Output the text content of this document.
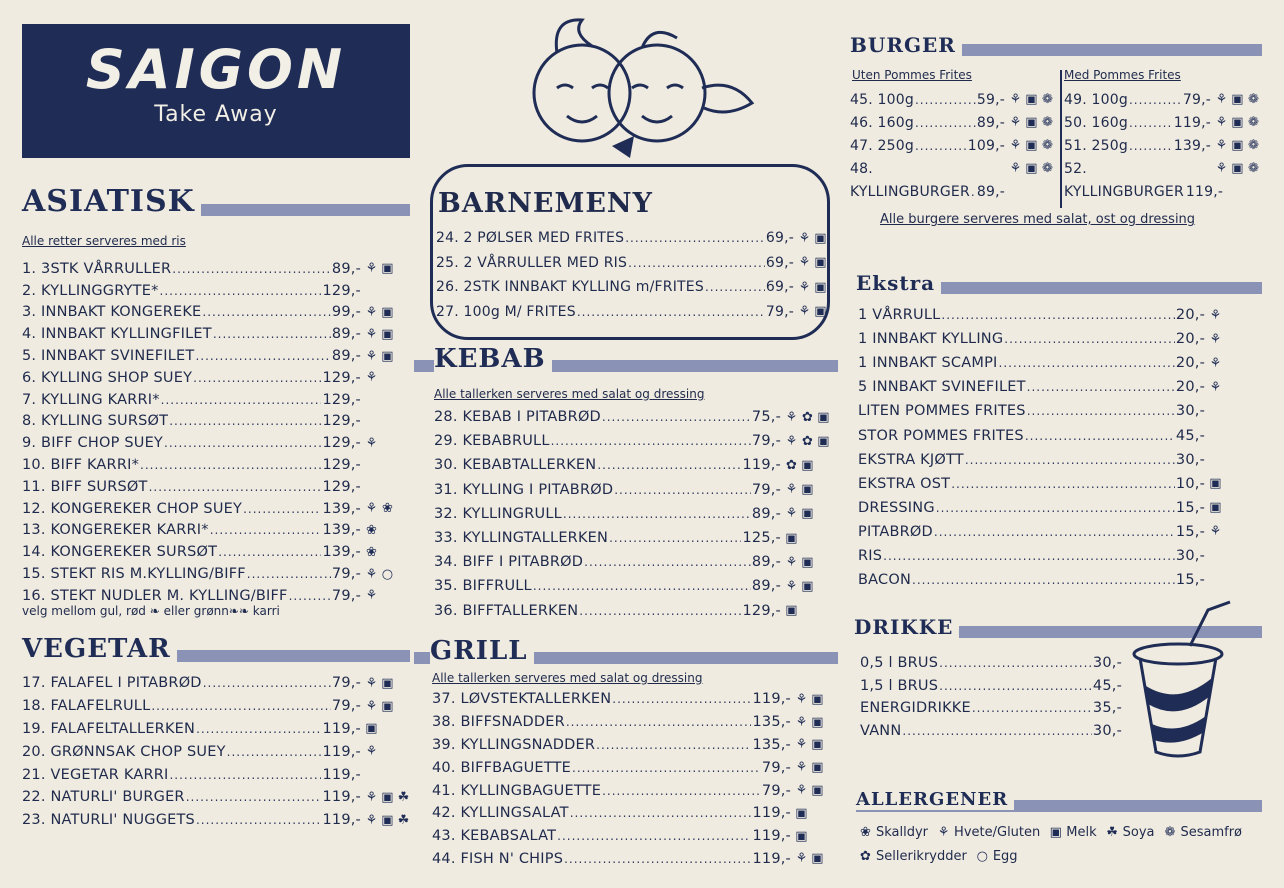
SAIGON
Take Away
ASIATISK
Alle retter serveres med ris
1. 3STK VÅRRULLER .....	89,- ⚘ ▣
2. KYLLINGGRYTE* .....	129,-
3. INNBAKT KONGEREKE .....	99,- ⚘ ▣
4. INNBAKT KYLLINGFILET .....	89,- ⚘ ▣
5. INNBAKT SVINEFILET .....	89,- ⚘ ▣
6. KYLLING SHOP SUEY .....	129,- ⚘
7. KYLLING KARRI* .....	129,-
8. KYLLING SURSØT .....	129,-
9. BIFF CHOP SUEY .....	129,- ⚘
10. BIFF KARRI* .....	129,-
11. BIFF SURSØT .....	129,-
12. KONGEREKER CHOP SUEY .....	139,- ⚘ ❀
13. KONGEREKER KARRI* .....	139,- ❀
14. KONGEREKER SURSØT .....	139,- ❀
15. STEKT RIS M.KYLLING/BIFF .....	79,- ⚘ ○
16. STEKT NUDLER M. KYLLING/BIFF .....	79,- ⚘
velg mellom gul, rød ❧ eller grønn❧❧ karri
VEGETAR
17. FALAFEL I PITABRØD .....	79,- ⚘ ▣
18. FALAFELRULL .....	79,- ⚘ ▣
19. FALAFELTALLERKEN .....	119,- ▣
20. GRØNNSAK CHOP SUEY .....	119,- ⚘
21. VEGETAR KARRI .....	119,-
22. NATURLI' BURGER .....	119,- ⚘ ▣ ☘
23. NATURLI' NUGGETS .....	119,- ⚘ ▣ ☘
BARNEMENY
24. 2 PØLSER MED FRITES .....	69,- ⚘ ▣
25. 2 VÅRRULLER MED RIS .....	69,- ⚘ ▣
26. 2STK INNBAKT KYLLING m/FRITES .....	69,- ⚘ ▣
27. 100g M/ FRITES .....	79,- ⚘ ▣
KEBAB
Alle tallerken serveres med salat og dressing
28. KEBAB I PITABRØD .....	75,- ⚘ ✿ ▣
29. KEBABRULL .....	79,- ⚘ ✿ ▣
30. KEBABTALLERKEN .....	119,- ✿ ▣
31. KYLLING I PITABRØD .....	79,- ⚘ ▣
32. KYLLINGRULL .....	89,- ⚘ ▣
33. KYLLINGTALLERKEN .....	125,- ▣
34. BIFF I PITABRØD .....	89,- ⚘ ▣
35. BIFFRULL .....	89,- ⚘ ▣
36. BIFFTALLERKEN .....	129,- ▣
GRILL
Alle tallerken serveres med salat og dressing
37. LØVSTEKTALLERKEN .....	119,- ⚘ ▣
38. BIFFSNADDER .....	135,- ⚘ ▣
39. KYLLINGSNADDER .....	135,- ⚘ ▣
40. BIFFBAGUETTE .....	79,- ⚘ ▣
41. KYLLINGBAGUETTE .....	79,- ⚘ ▣
42. KYLLINGSALAT .....	119,- ▣
43. KEBABSALAT .....	119,- ▣
44. FISH N' CHIPS .....	119,- ⚘ ▣
BURGER
Uten Pommes Frites	Med Pommes Frites
45. 100g .....	59,- ⚘ ▣ ❁
46. 160g .....	89,- ⚘ ▣ ❁
47. 250g .....	109,- ⚘ ▣ ❁
48.	⚘ ▣ ❁
KYLLINGBURGER ..... 89,-
49. 100g .....	79,- ⚘ ▣ ❁
50. 160g .....	119,- ⚘ ▣ ❁
51. 250g .....	139,- ⚘ ▣ ❁
52.	⚘ ▣ ❁
KYLLINGBURGER 119,-
Alle burgere serveres med salat, ost og dressing
Ekstra
1 VÅRRULL .....	20,- ⚘
1 INNBAKT KYLLING .....	20,- ⚘
1 INNBAKT SCAMPI .....	20,- ⚘
5 INNBAKT SVINEFILET .....	20,- ⚘
LITEN POMMES FRITES .....	30,-
STOR POMMES FRITES .....	45,-
EKSTRA KJØTT .....	30,-
EKSTRA OST .....	10,- ▣
DRESSING .....	15,- ▣
PITABRØD .....	15,- ⚘
RIS .....	30,-
BACON .....	15,-
DRIKKE
0,5 l BRUS .....	30,-
1,5 l BRUS .....	45,-
ENERGIDRIKKE .....	35,-
VANN .....	30,-
ALLERGENER
❀ Skalldyr ⚘ Hvete/Gluten ▣ Melk ☘ Soya ❁ Sesamfrø
✿ Sellerikrydder ○ Egg
